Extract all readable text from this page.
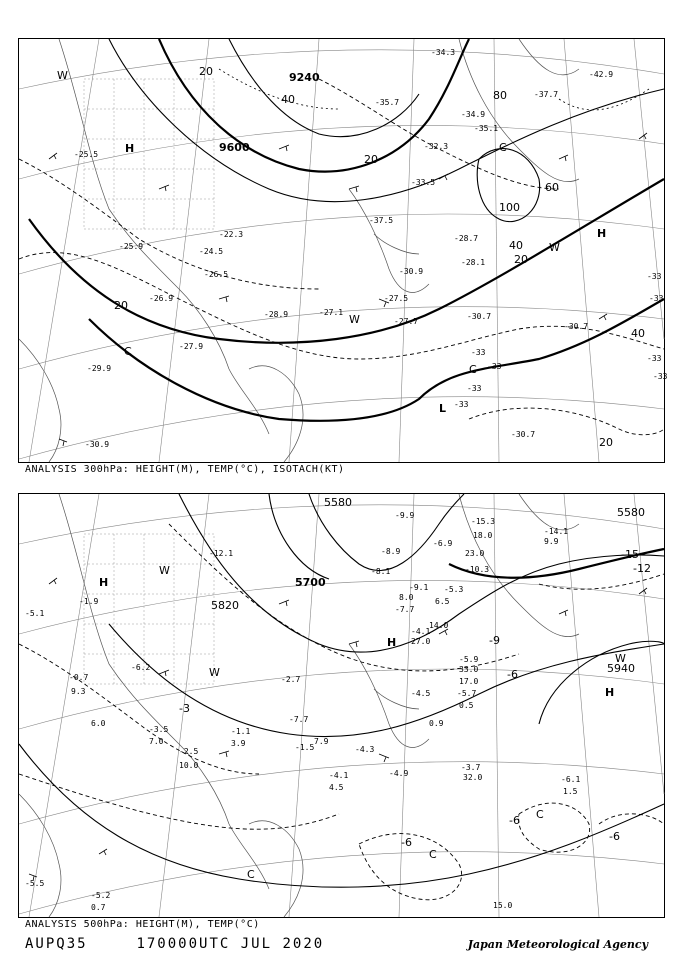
9600
9240
20
40
60
80
100
20
40
20
40
20
20
H
H
L
C
C
C
W
W
W
-34.3
-42.9
-37.7
-35.7
-34.9
-35.1
-32.3
-33.5
-37.5
-28.7
-28.1
-30.9
-27.5
-27.1
-27.7
-30.7
-30.7
-30.7
-25.5
-25.9
-24.5
-22.3
-26.5
-28.9
-29.9
-30.9
-26.9
-27.9
-33
-33
-33
-33
-33
-33
-33
-33
ANALYSIS 300hPa: HEIGHT(M), TEMP(°C), ISOTACH(KT)
5580
5580
5700
5820
5940
H
H
H
C
C
C
W
W
W
-15
-12
-9
-6
-3
-6
-6
-6
-9.9
-10.3
-8.9
-12.1
-15.3
-14.1
-5.3
-8.1
-9.1
-7.7
-6.9
-5.9
-4.5
-4.1
-3.7
-4.3
-4.9
-6.1
-5.7
-6.2
-5.1
-2.7
-1.5
-1.1
-4.1
-3.5
-2.5
-0.7
-1.9
-7.7
-5.5
-5.2
15.0
18.0
23.0
17.0
14.0
27.0
33.0
32.0
1.5
9.9
0.5
6.5
4.5
8.0
7.0	7.9
6.0
10.0
9.3
0.7
0.9
3.9
ANALYSIS 500hPa: HEIGHT(M), TEMP(°C)
AUPQ35	170000UTC JUL 2020	Japan Meteorological Agency
